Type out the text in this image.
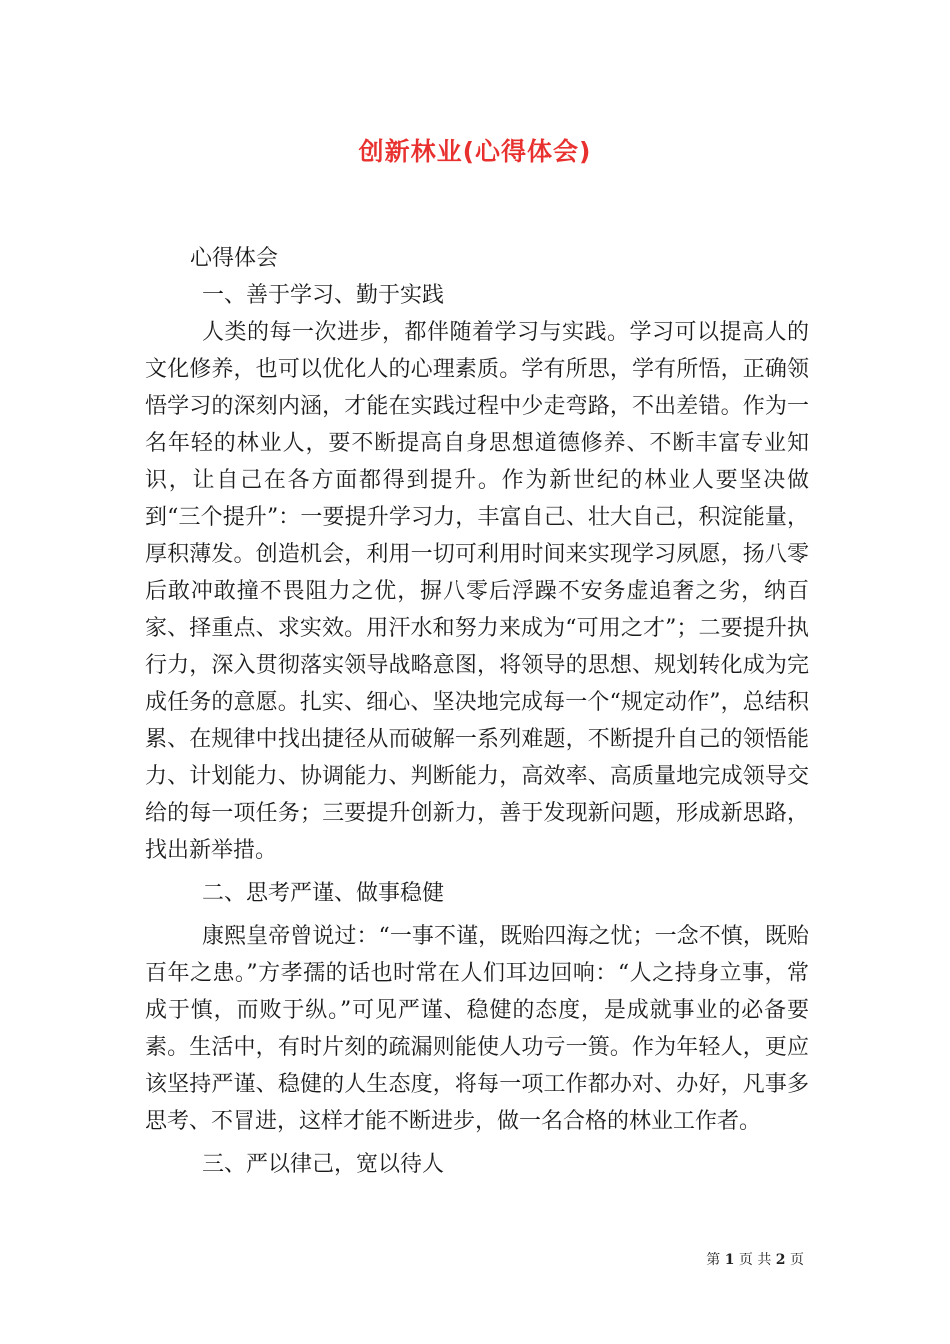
创新林业(心得体会)

心得体会

一、善于学习、勤于实践

人类的每一次进步，都伴随着学习与实践。学习可以提高人的文化修养，也可以优化人的心理素质。学有所思，学有所悟，正确领悟学习的深刻内涵，才能在实践过程中少走弯路，不出差错。作为一名年轻的林业人，要不断提高自身思想道德修养、不断丰富专业知识，让自己在各方面都得到提升。作为新世纪的林业人要坚决做到“三个提升”：一要提升学习力，丰富自己、壮大自己，积淀能量，厚积薄发。创造机会，利用一切可利用时间来实现学习夙愿，扬八零后敢冲敢撞不畏阻力之优，摒八零后浮躁不安务虚追奢之劣，纳百家、择重点、求实效。用汗水和努力来成为“可用之才”；二要提升执行力，深入贯彻落实领导战略意图，将领导的思想、规划转化成为完成任务的意愿。扎实、细心、坚决地完成每一个“规定动作”，总结积累、在规律中找出捷径从而破解一系列难题，不断提升自己的领悟能力、计划能力、协调能力、判断能力，高效率、高质量地完成领导交给的每一项任务；三要提升创新力，善于发现新问题，形成新思路，找出新举措。

二、思考严谨、做事稳健

康熙皇帝曾说过：“一事不谨，既贻四海之忧；一念不慎，既贻百年之患。”方孝孺的话也时常在人们耳边回响：“人之持身立事，常成于慎，而败于纵。”可见严谨、稳健的态度，是成就事业的必备要素。生活中，有时片刻的疏漏则能使人功亏一篑。作为年轻人，更应该坚持严谨、稳健的人生态度，将每一项工作都办对、办好，凡事多思考、不冒进，这样才能不断进步，做一名合格的林业工作者。

三、严以律己，宽以待人

第 1 页 共 2 页
